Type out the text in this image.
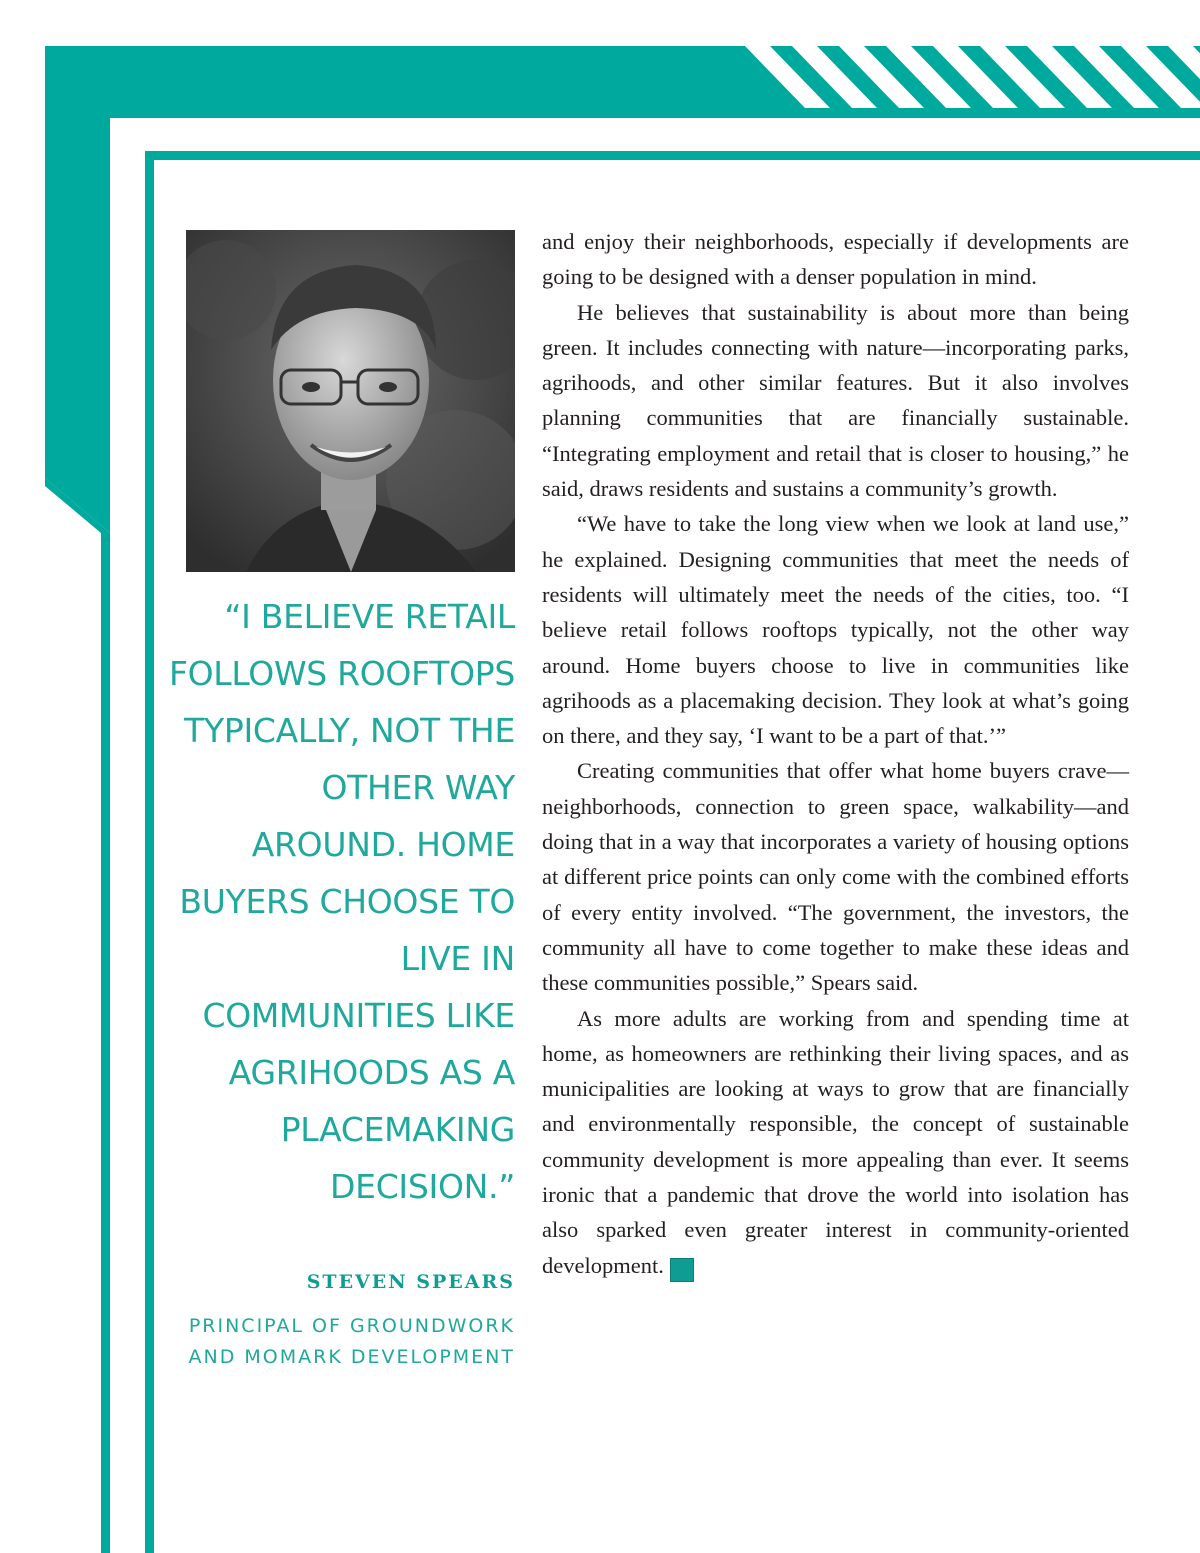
“I BELIEVE RETAIL FOLLOWS ROOFTOPS TYPICALLY, NOT THE OTHER WAY AROUND. HOME BUYERS CHOOSE TO LIVE IN COMMUNITIES LIKE AGRIHOODS AS A PLACEMAKING DECISION.”
STEVEN SPEARS
PRINCIPAL OF GROUNDWORK AND MOMARK DEVELOPMENT

and enjoy their neighborhoods, especially if developments are going to be designed with a denser population in mind.

He believes that sustainability is about more than being green. It includes connecting with nature—incorporating parks, agrihoods, and other similar features. But it also involves planning communities that are financially sustainable. “Integrating employment and retail that is closer to housing,” he said, draws residents and sustains a community’s growth.

“We have to take the long view when we look at land use,” he explained. Designing communities that meet the needs of residents will ultimately meet the needs of the cities, too. “I believe retail follows rooftops typically, not the other way around. Home buyers choose to live in communities like agrihoods as a placemaking decision. They look at what’s going on there, and they say, ‘I want to be a part of that.’”

Creating communities that offer what home buyers crave—neighborhoods, connection to green space, walkability—and doing that in a way that incorporates a variety of housing options at different price points can only come with the combined efforts of every entity involved. “The government, the investors, the community all have to come together to make these ideas and these communities possible,” Spears said.

As more adults are working from and spending time at home, as homeowners are rethinking their living spaces, and as municipalities are looking at ways to grow that are financially and environmentally responsible, the concept of sustainable community development is more appealing than ever. It seems ironic that a pandemic that drove the world into isolation has also sparked even greater interest in community-oriented development.	B
